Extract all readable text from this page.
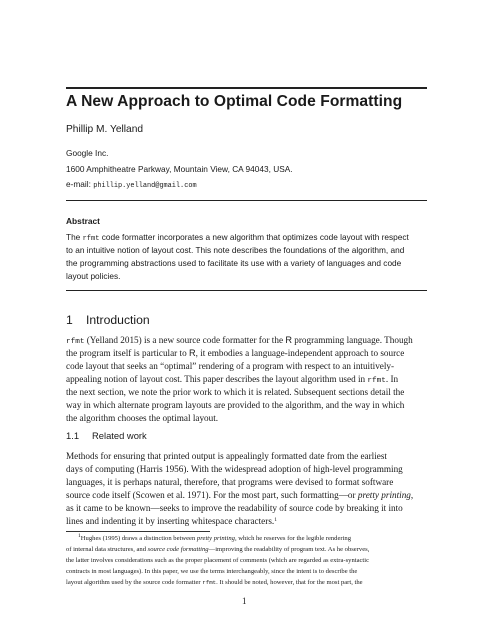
A New Approach to Optimal Code Formatting
Phillip M. Yelland
Google Inc.
1600 Amphitheatre Parkway, Mountain View, CA 94043, USA.
e-mail: phillip.yelland@gmail.com
Abstract
The rfmt code formatter incorporates a new algorithm that optimizes code layout with respect
to an intuitive notion of layout cost. This note describes the foundations of the algorithm, and
the programming abstractions used to facilitate its use with a variety of languages and code
layout policies.
1 Introduction
rfmt (Yelland 2015) is a new source code formatter for the R programming language. Though
the program itself is particular to R, it embodies a language-independent approach to source
code layout that seeks an “optimal” rendering of a program with respect to an intuitively-
appealing notion of layout cost. This paper describes the layout algorithm used in rfmt. In
the next section, we note the prior work to which it is related. Subsequent sections detail the
way in which alternate program layouts are provided to the algorithm, and the way in which
the algorithm chooses the optimal layout.
1.1 Related work
Methods for ensuring that printed output is appealingly formatted date from the earliest
days of computing (Harris 1956). With the widespread adoption of high-level programming
languages, it is perhaps natural, therefore, that programs were devised to format software
source code itself (Scowen et al. 1971). For the most part, such formatting—or pretty printing,
as it came to be known—seeks to improve the readability of source code by breaking it into
lines and indenting it by inserting whitespace characters.$^1$
$^1$Hughes (1995) draws a distinction between pretty printing, which he reserves for the legible rendering
of internal data structures, and source code formatting—improving the readability of program text. As he observes,
the latter involves considerations such as the proper placement of comments (which are regarded as extra-syntactic
contracts in most languages). In this paper, we use the terms interchangeably, since the intent is to describe the
layout algorithm used by the source code formatter rfmt. It should be noted, however, that for the most part, the
1
